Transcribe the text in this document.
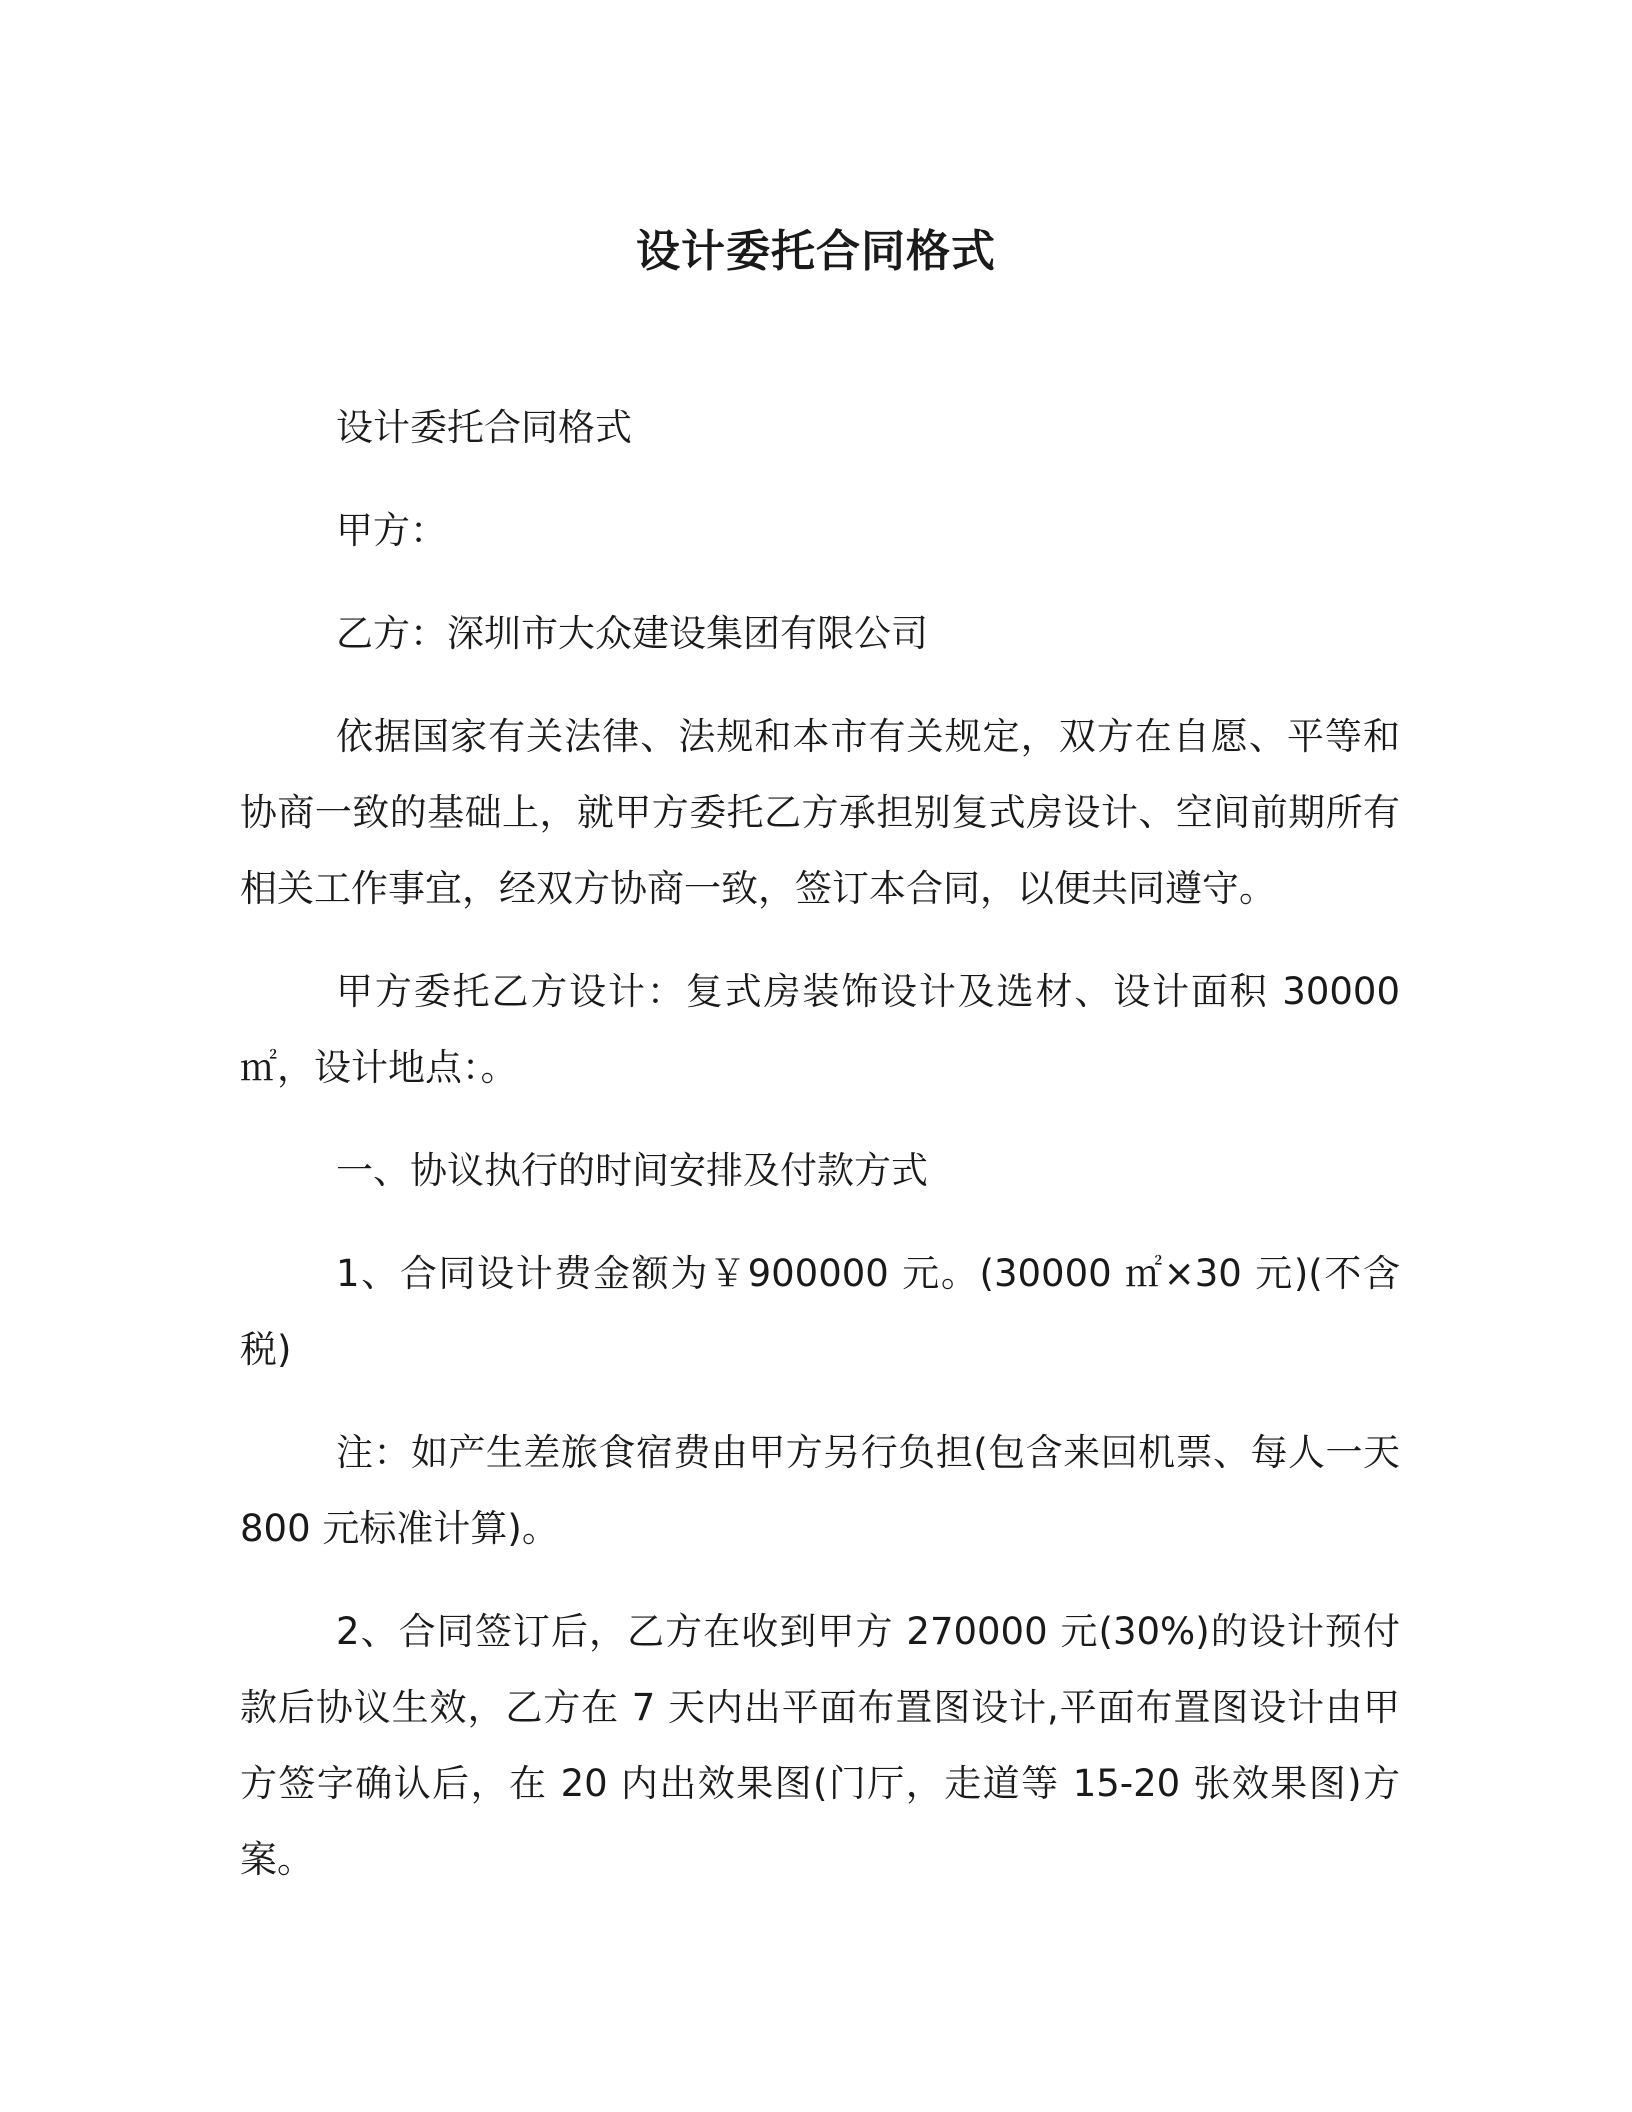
设计委托合同格式

设计委托合同格式

甲方：

乙方：深圳市大众建设集团有限公司

依据国家有关法律、法规和本市有关规定，双方在自愿、平等和协商一致的基础上，就甲方委托乙方承担别复式房设计、空间前期所有相关工作事宜，经双方协商一致，签订本合同，以便共同遵守。

甲方委托乙方设计：复式房装饰设计及选材、设计面积 30000 ㎡，设计地点：。

一、协议执行的时间安排及付款方式

1、合同设计费金额为￥900000 元。(30000 ㎡×30 元)(不含税)

注：如产生差旅食宿费由甲方另行负担(包含来回机票、每人一天 800 元标准计算)。

2、合同签订后，乙方在收到甲方 270000 元(30%)的设计预付款后协议生效，乙方在 7 天内出平面布置图设计,平面布置图设计由甲方签字确认后，在 20 内出效果图(门厅，走道等 15-20 张效果图)方案。
